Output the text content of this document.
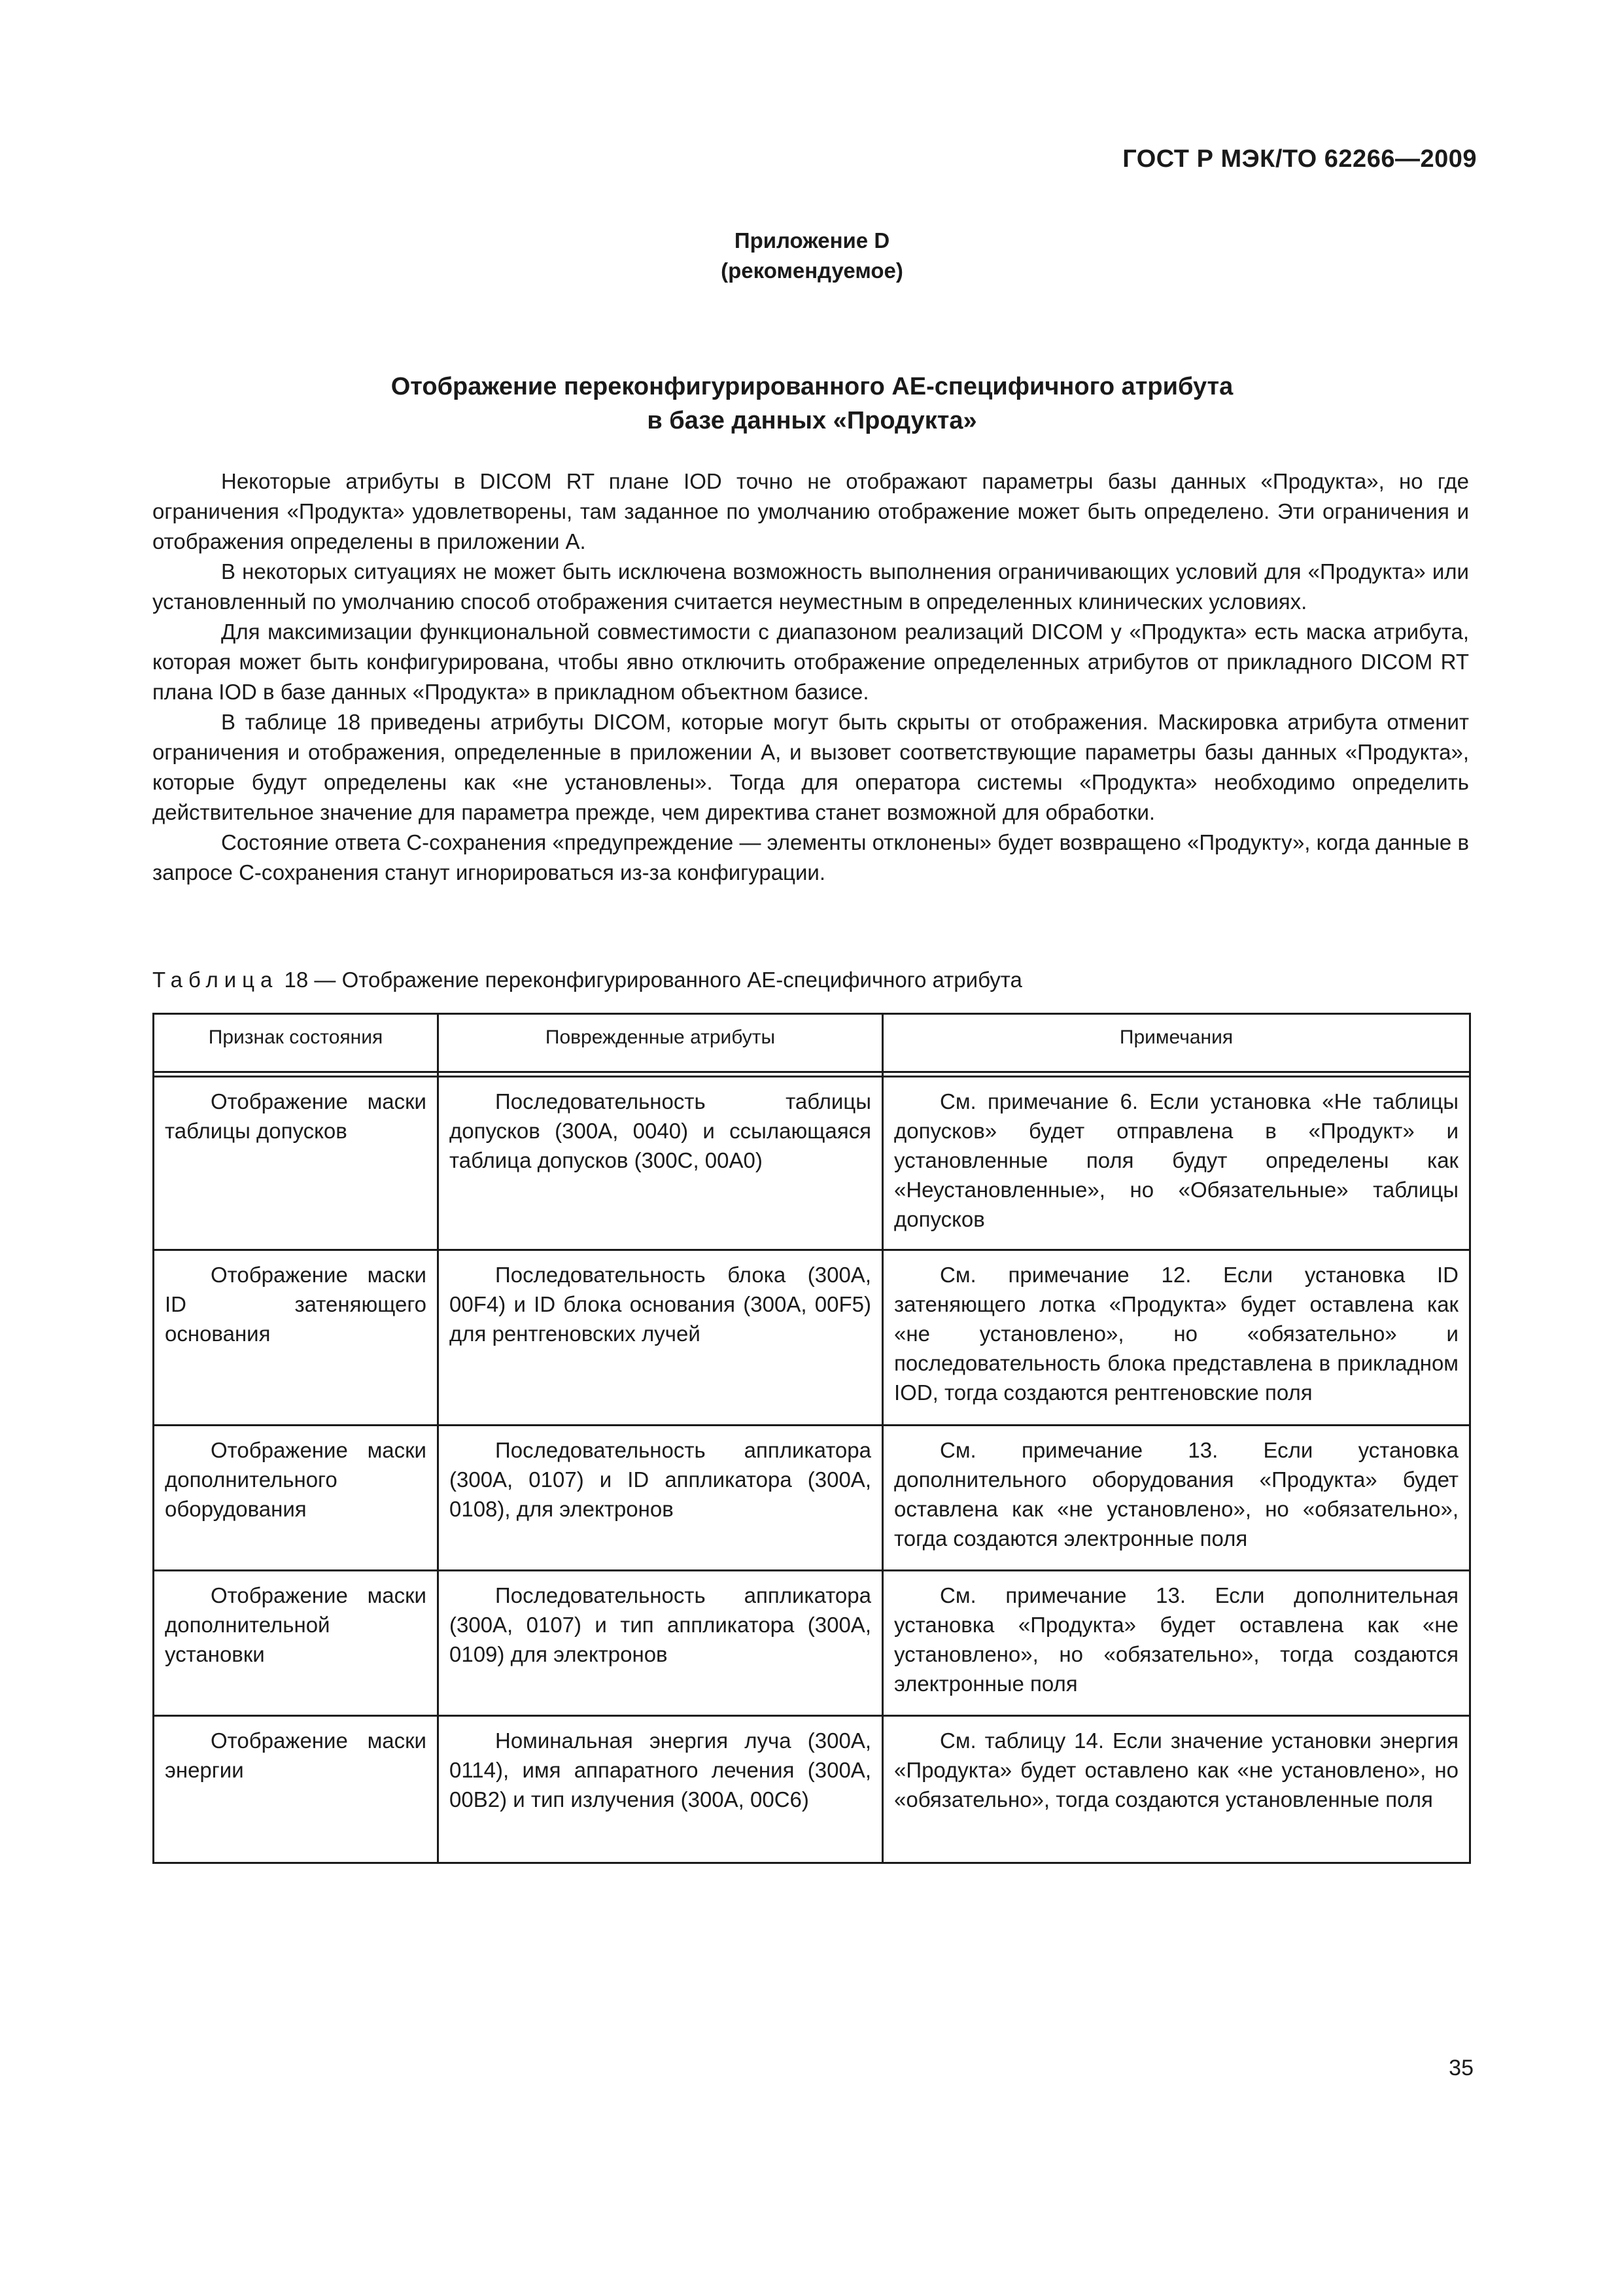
ГОСТ Р МЭК/ТО 62266—2009
Приложение D
(рекомендуемое)
Отображение переконфигурированного AE-специфичного атрибута
в базе данных «Продукта»

Некоторые атрибуты в DICOM RT плане IOD точно не отображают параметры базы данных «Продукта», но где ограничения «Продукта» удовлетворены, там заданное по умолчанию отображение может быть определено. Эти ограничения и отображения определены в приложении А.

В некоторых ситуациях не может быть исключена возможность выполнения ограничивающих условий для «Продукта» или установленный по умолчанию способ отображения считается неуместным в определенных клинических условиях.

Для максимизации функциональной совместимости с диапазоном реализаций DICOM у «Продукта» есть маска атрибута, которая может быть конфигурирована, чтобы явно отключить отображение определенных атрибутов от прикладного DICOM RT плана IOD в базе данных «Продукта» в прикладном объектном базисе.

В таблице 18 приведены атрибуты DICOM, которые могут быть скрыты от отображения. Маскировка атрибута отменит ограничения и отображения, определенные в приложении А, и вызовет соответствующие параметры базы данных «Продукта», которые будут определены как «не установлены». Тогда для оператора системы «Продукта» необходимо определить действительное значение для параметра прежде, чем директива станет возможной для обработки.

Состояние ответа С-сохранения «предупреждение — элементы отклонены» будет возвращено «Продукту», когда данные в запросе С-сохранения станут игнорироваться из-за конфигурации.

Таблица 18 — Отображение переконфигурированного AE-специфичного атрибута
Признак состояния	Поврежденные атрибуты	Примечания

Отображение маски таблицы допусков	Последовательность таблицы допусков (300А, 0040) и ссылающаяся таблица допусков (300С, 00А0)	См. примечание 6. Если установка «Не таблицы допусков» будет отправлена в «Продукт» и установленные поля будут определены как «Неустановленные», но «Обязательные» таблицы допусков

Отображение маски ID затеняющего основания	Последовательность блока (300А, 00F4) и ID блока основания (300А, 00F5) для рентгеновских лучей	См. примечание 12. Если установка ID затеняющего лотка «Продукта» будет оставлена как «не установлено», но «обязательно» и последовательность блока представлена в прикладном IOD, тогда создаются рентгеновские поля

Отображение маски дополнительного оборудования	Последовательность аппликатора (300А, 0107) и ID аппликатора (300А, 0108), для электронов	См. примечание 13. Если установка дополнительного оборудования «Продукта» будет оставлена как «не установлено», но «обязательно», тогда создаются электронные поля

Отображение маски дополнительной установки	Последовательность аппликатора (300А, 0107) и тип аппликатора (300А, 0109) для электронов	См. примечание 13. Если дополнительная установка «Продукта» будет оставлена как «не установлено», но «обязательно», тогда создаются электронные поля

Отображение маски энергии	Номинальная энергия луча (300А, 0114), имя аппаратного лечения (300А, 00В2) и тип излучения (300А, 00С6)	См. таблицу 14. Если значение установки энергия «Продукта» будет оставлено как «не установлено», но «обязательно», тогда создаются установленные поля

35
